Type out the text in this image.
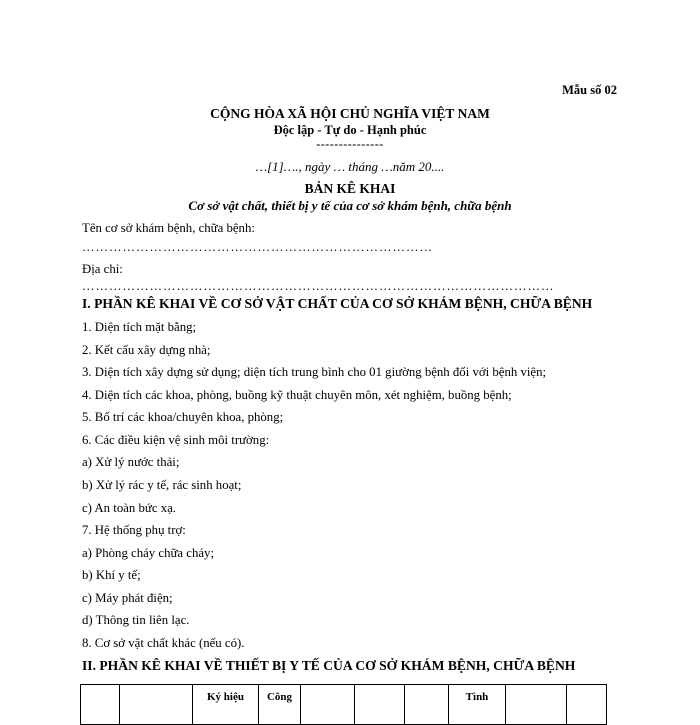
Mẫu số 02
CỘNG HÒA XÃ HỘI CHỦ NGHĨA VIỆT NAM
Độc lập - Tự do - Hạnh phúc
---------------
…[1]…., ngày … tháng …năm 20....
BẢN KÊ KHAI
Cơ sở vật chất, thiết bị y tế của cơ sở khám bệnh, chữa bệnh
Tên cơ sở khám bệnh, chữa bệnh:
……………………………………………………………………
Địa chỉ:
……………………………………………………………………………………………
I. PHẦN KÊ KHAI VỀ CƠ SỞ VẬT CHẤT CỦA CƠ SỞ KHÁM BỆNH, CHỮA BỆNH
1. Diện tích mặt bằng;
2. Kết cấu xây dựng nhà;
3. Diện tích xây dựng sử dụng; diện tích trung bình cho 01 giường bệnh đối với bệnh viện;
4. Diện tích các khoa, phòng, buồng kỹ thuật chuyên môn, xét nghiệm, buồng bệnh;
5. Bố trí các khoa/chuyên khoa, phòng;
6. Các điều kiện vệ sinh môi trường:
a) Xử lý nước thải;
b) Xử lý rác y tế, rác sinh hoạt;
c) An toàn bức xạ.
7. Hệ thống phụ trợ:
a) Phòng cháy chữa cháy;
b) Khí y tế;
c) Máy phát điện;
d) Thông tin liên lạc.
8. Cơ sở vật chất khác (nếu có).
II. PHẦN KÊ KHAI VỀ THIẾT BỊ Y TẾ CỦA CƠ SỞ KHÁM BỆNH, CHỮA BỆNH
		Ký hiệu	Công				Tình		
